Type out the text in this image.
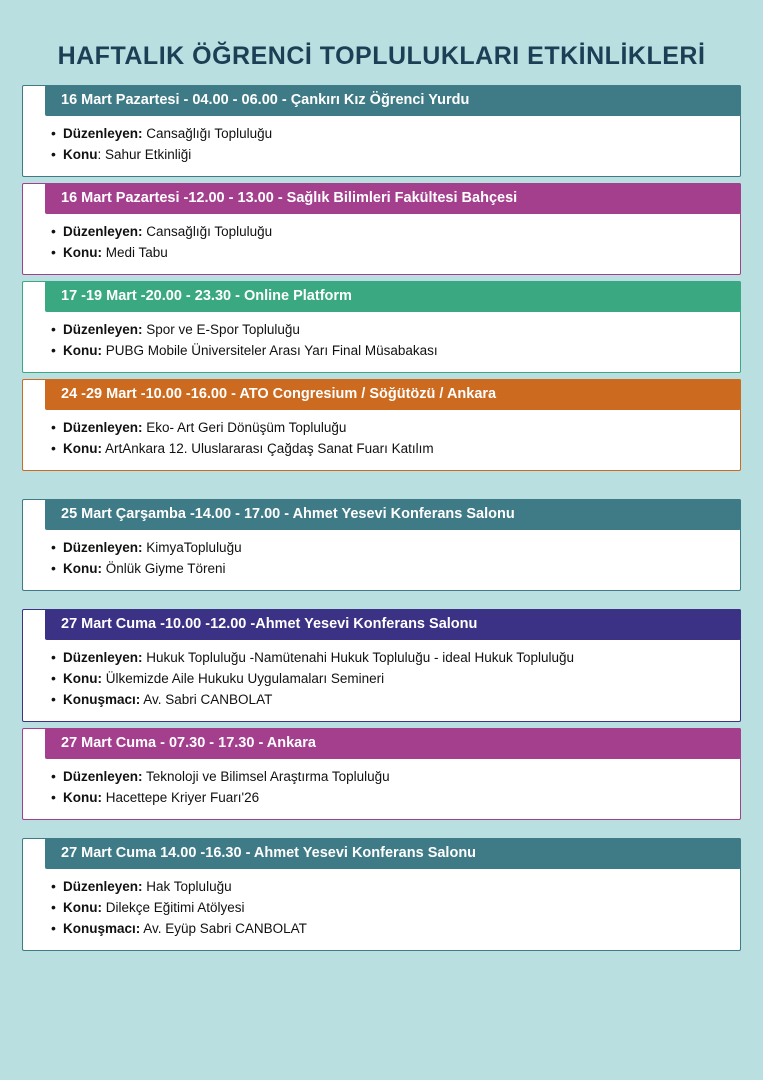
HAFTALIK ÖĞRENCİ TOPLULUKLARI ETKİNLİKLERİ
16 Mart Pazartesi - 04.00 - 06.00 - Çankırı Kız Öğrenci Yurdu
• Düzenleyen: Cansağlığı Topluluğu
• Konu: Sahur Etkinliği
16 Mart Pazartesi -12.00 - 13.00 - Sağlık Bilimleri Fakültesi Bahçesi
• Düzenleyen: Cansağlığı Topluluğu
• Konu: Medi Tabu
17 -19 Mart -20.00 - 23.30 - Online Platform
• Düzenleyen: Spor ve E-Spor Topluluğu
• Konu: PUBG Mobile Üniversiteler Arası Yarı Final Müsabakası
24 -29 Mart -10.00 -16.00 - ATO Congresium / Söğütözü / Ankara
• Düzenleyen: Eko- Art Geri Dönüşüm Topluluğu
• Konu: ArtAnkara 12. Uluslararası Çağdaş Sanat Fuarı Katılım
25 Mart Çarşamba -14.00 - 17.00 - Ahmet Yesevi Konferans Salonu
• Düzenleyen: KimyaTopluluğu
• Konu: Önlük Giyme Töreni
27 Mart Cuma -10.00 -12.00 -Ahmet Yesevi Konferans Salonu
• Düzenleyen: Hukuk Topluluğu -Namütenahi Hukuk Topluluğu - ideal Hukuk Topluluğu
• Konu: Ülkemizde Aile Hukuku Uygulamaları Semineri
• Konuşmacı: Av. Sabri CANBOLAT
27 Mart Cuma - 07.30 - 17.30 - Ankara
• Düzenleyen: Teknoloji ve Bilimsel Araştırma Topluluğu
• Konu: Hacettepe Kriyer Fuarı'26
27 Mart Cuma 14.00 -16.30 - Ahmet Yesevi Konferans Salonu
• Düzenleyen: Hak Topluluğu
• Konu: Dilekçe Eğitimi Atölyesi
• Konuşmacı: Av. Eyüp Sabri CANBOLAT
